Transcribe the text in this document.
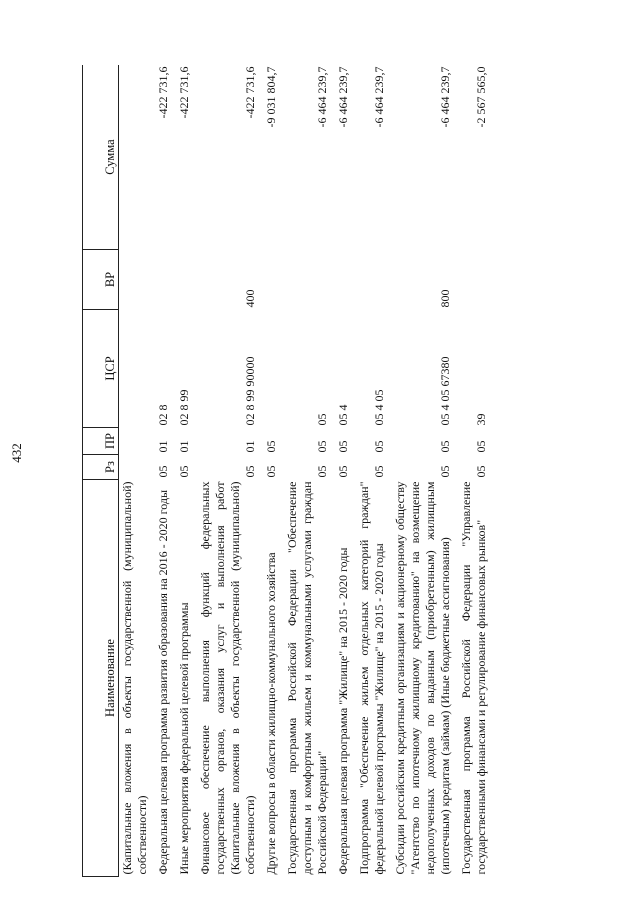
432
Наименование	Рз	ПР	ЦСР	ВР	Сумма

(Капитальные вложения в объекты государственной (муниципальной) собственности)					

Федеральная целевая программа развития образования на 2016 - 2020 годы	05	01	02 8		-422 731,6

Иные мероприятия федеральной целевой программы	05	01	02 8 99		-422 731,6

Финансовое обеспечение выполнения функций федеральных государственных органов, оказания услуг и выполнения работ (Капитальные вложения в объекты государственной (муниципальной) собственности)	05	01	02 8 99 90000	400	-422 731,6

Другие вопросы в области жилищно-коммунального хозяйства	05	05			-9 031 804,7

Государственная программа Российской Федерации "Обеспечение доступным и комфортным жильем и коммунальными услугами граждан Российской Федерации"	05	05	05		-6 464 239,7

Федеральная целевая программа "Жилище" на 2015 - 2020 годы	05	05	05 4		-6 464 239,7

Подпрограмма "Обеспечение жильем отдельных категорий граждан" федеральной целевой программы "Жилище" на 2015 - 2020 годы	05	05	05 4 05		-6 464 239,7

Субсидии российским кредитным организациям и акционерному обществу "Агентство по ипотечному жилищному кредитованию" на возмещение недополученных доходов по выданным (приобретенным) жилищным (ипотечным) кредитам (займам) (Иные бюджетные ассигнования)	05	05	05 4 05 67380	800	-6 464 239,7

Государственная программа Российской Федерации "Управление государственными финансами и регулирование финансовых рынков"	05	05	39		-2 567 565,0
